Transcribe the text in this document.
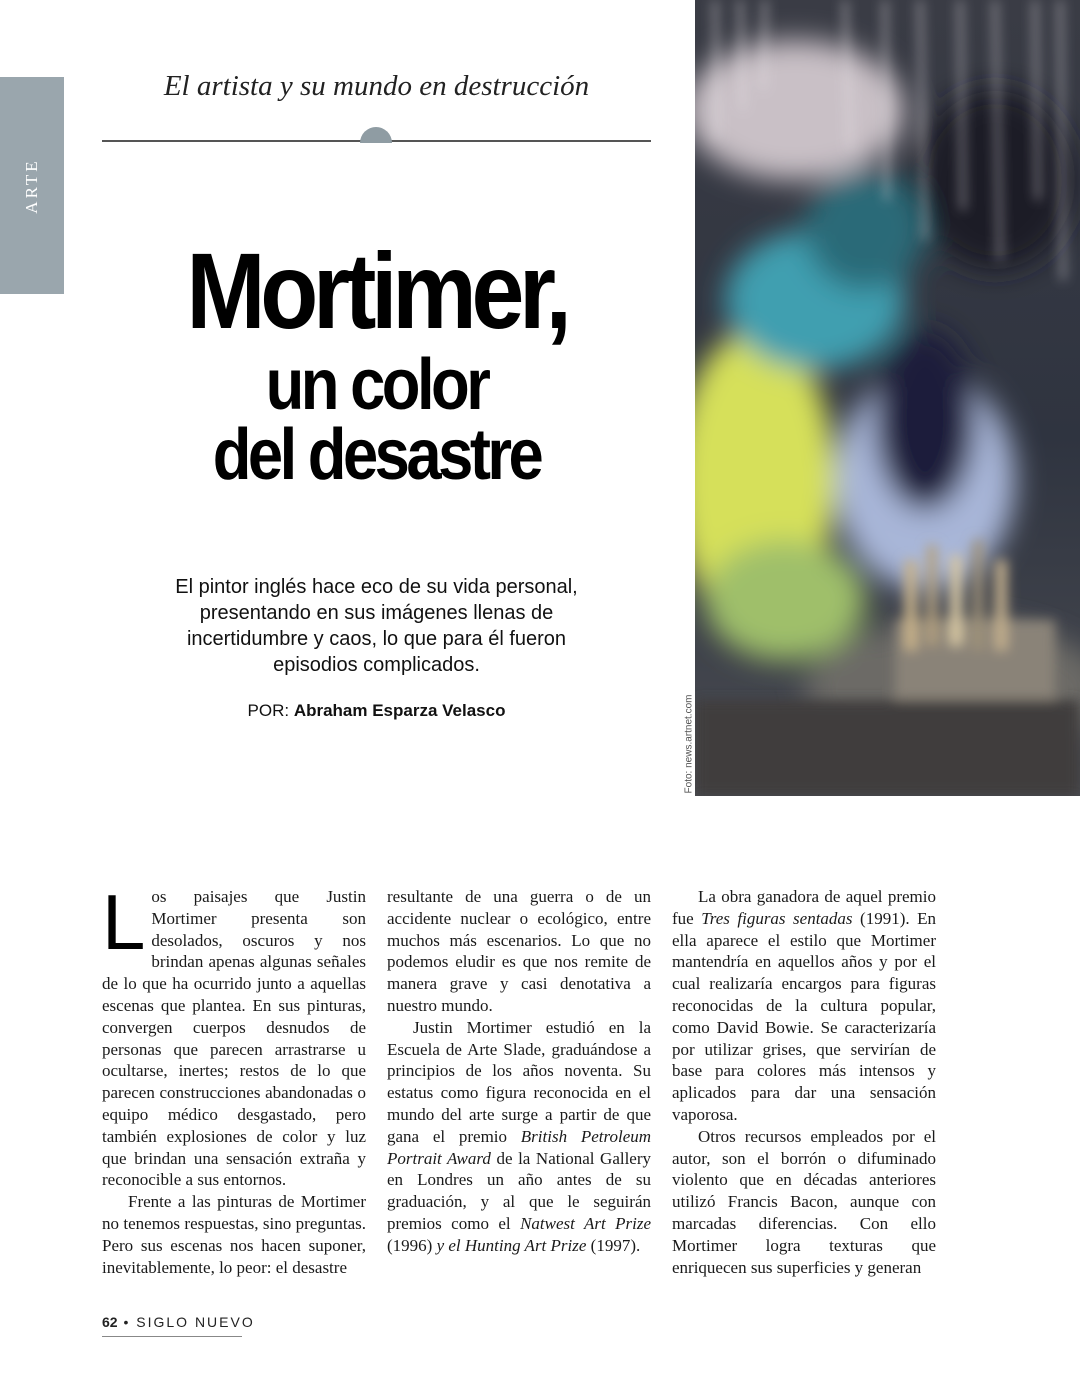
ARTE
El artista y su mundo en destrucción
Mortimer,
un color
del desastre
El pintor inglés hace eco de su vida personal, presentando en sus imágenes llenas de incertidumbre y caos, lo que para él fueron episodios complicados.
POR: Abraham Esparza Velasco	Foto: news.artnet.com

Los paisajes que Justin Mortimer presenta son desolados, oscuros y nos brindan apenas algunas señales de lo que ha ocurrido junto a aquellas escenas que plantea. En sus pinturas, convergen cuerpos desnudos de personas que parecen arrastrarse u ocultarse, inertes; restos de lo que parecen construcciones abandonadas o equipo médico desgastado, pero también explosiones de color y luz que brindan una sensación extraña y reconocible a sus entornos.

Frente a las pinturas de Mortimer no tenemos respuestas, sino preguntas. Pero sus escenas nos hacen suponer, inevitablemente, lo peor: el desastre

resultante de una guerra o de un accidente nuclear o ecológico, entre muchos más escenarios. Lo que no podemos eludir es que nos remite de manera grave y casi denotativa a nuestro mundo.

Justin Mortimer estudió en la Escuela de Arte Slade, graduándose a principios de los años noventa. Su estatus como figura reconocida en el mundo del arte surge a partir de que gana el premio British Petroleum Portrait Award de la National Gallery en Londres un año antes de su graduación, y al que le seguirán premios como el Natwest Art Prize (1996) y el Hunting Art Prize (1997).

La obra ganadora de aquel premio fue Tres figuras sentadas (1991). En ella aparece el estilo que Mortimer mantendría en aquellos años y por el cual realizaría encargos para figuras reconocidas de la cultura popular, como David Bowie. Se caracterizaría por utilizar grises, que servirían de base para colores más intensos y aplicados para dar una sensación vaporosa.

Otros recursos empleados por el autor, son el borrón o difuminado violento que en décadas anteriores utilizó Francis Bacon, aunque con marcadas diferencias. Con ello Mortimer logra texturas que enriquecen sus superficies y generan

62 • SIGLO NUEVO
